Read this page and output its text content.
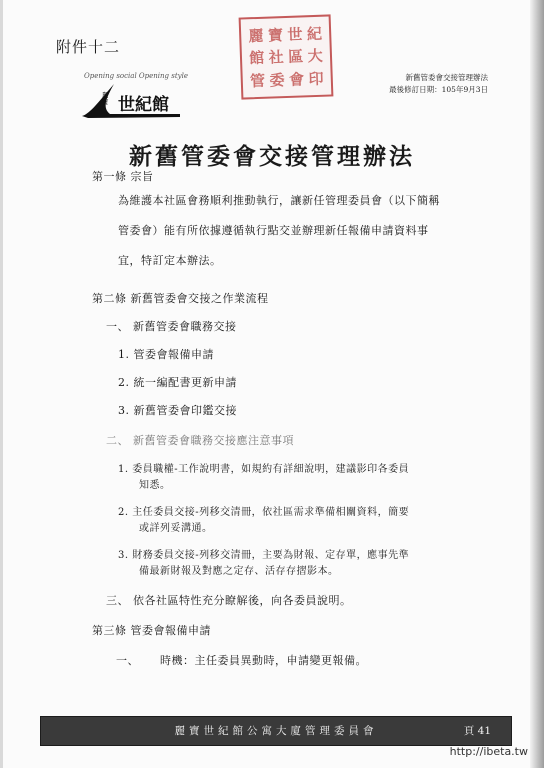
附件十二
麗 寶 世 紀
館 社 區 大
管 委 會 印
Opening social Opening style
麗寶 世紀館
新舊管委會交接管理辦法
最後修訂日期：105年9月3日
新舊管委會交接管理辦法
第一條 宗旨
為維護本社區會務順利推動執行，讓新任管理委員會（以下簡稱
管委會）能有所依據遵循執行點交並辦理新任報備申請資料事
宜，特訂定本辦法。
第二條 新舊管委會交接之作業流程
一、 新舊管委會職務交接
1. 管委會報備申請
2. 統一編配書更新申請
3. 新舊管委會印鑑交接
二、 新舊管委會職務交接應注意事項
1. 委員職權-工作說明書，如規約有詳細說明，建議影印各委員
知悉。
2. 主任委員交接-列移交清冊，依社區需求準備相關資料，簡要
或詳列妥溝通。
3. 財務委員交接-列移交清冊，主要為財報、定存單，應事先準
備最新財報及對應之定存、活存存摺影本。
三、 依各社區特性充分瞭解後，向各委員說明。
第三條 管委會報備申請
一、 時機：主任委員異動時，申請變更報備。
麗寶世紀館公寓大廈管理委員會	頁 41
http://ibeta.tw
